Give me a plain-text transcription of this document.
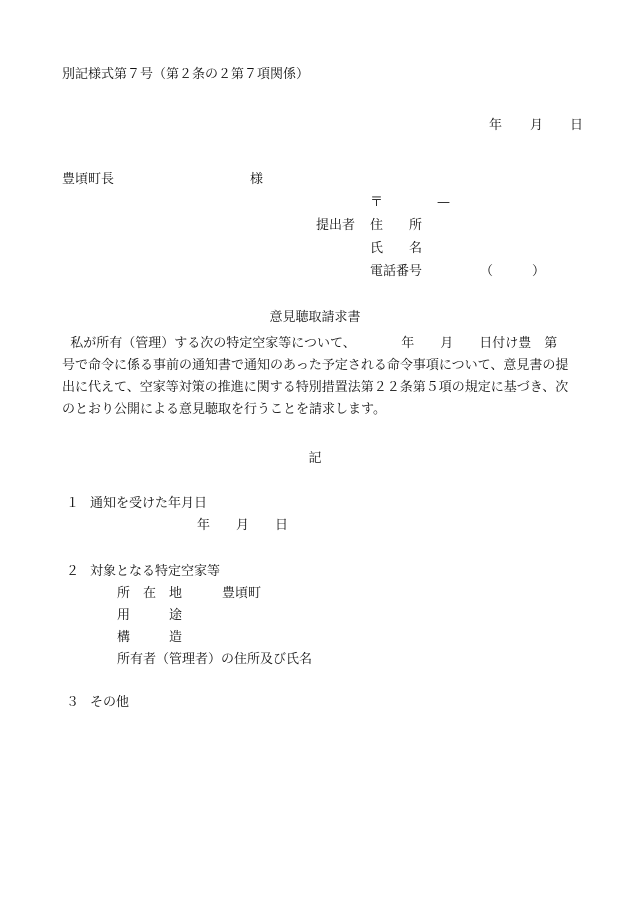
別記様式第７号（第２条の２第７項関係）
年 月 日
豊頃町長	様
〒	—
提出者 住　　所
氏　　名
電話番号	（　　　）
意見聴取請求書
私が所有（管理）する次の特定空家等について、　　　　年　　月　　日付け豊　第
号で命令に係る事前の通知書で通知のあった予定される命令事項について、意見書の提
出に代えて、空家等対策の推進に関する特別措置法第２２条第５項の規定に基づき、次
のとおり公開による意見聴取を行うことを請求します。
記
１ 通知を受けた年月日
年　　月　　日
２ 対象となる特定空家等
所　在　地	豊頃町
用　　　途
構　　　造
所有者（管理者）の住所及び氏名
３ その他
